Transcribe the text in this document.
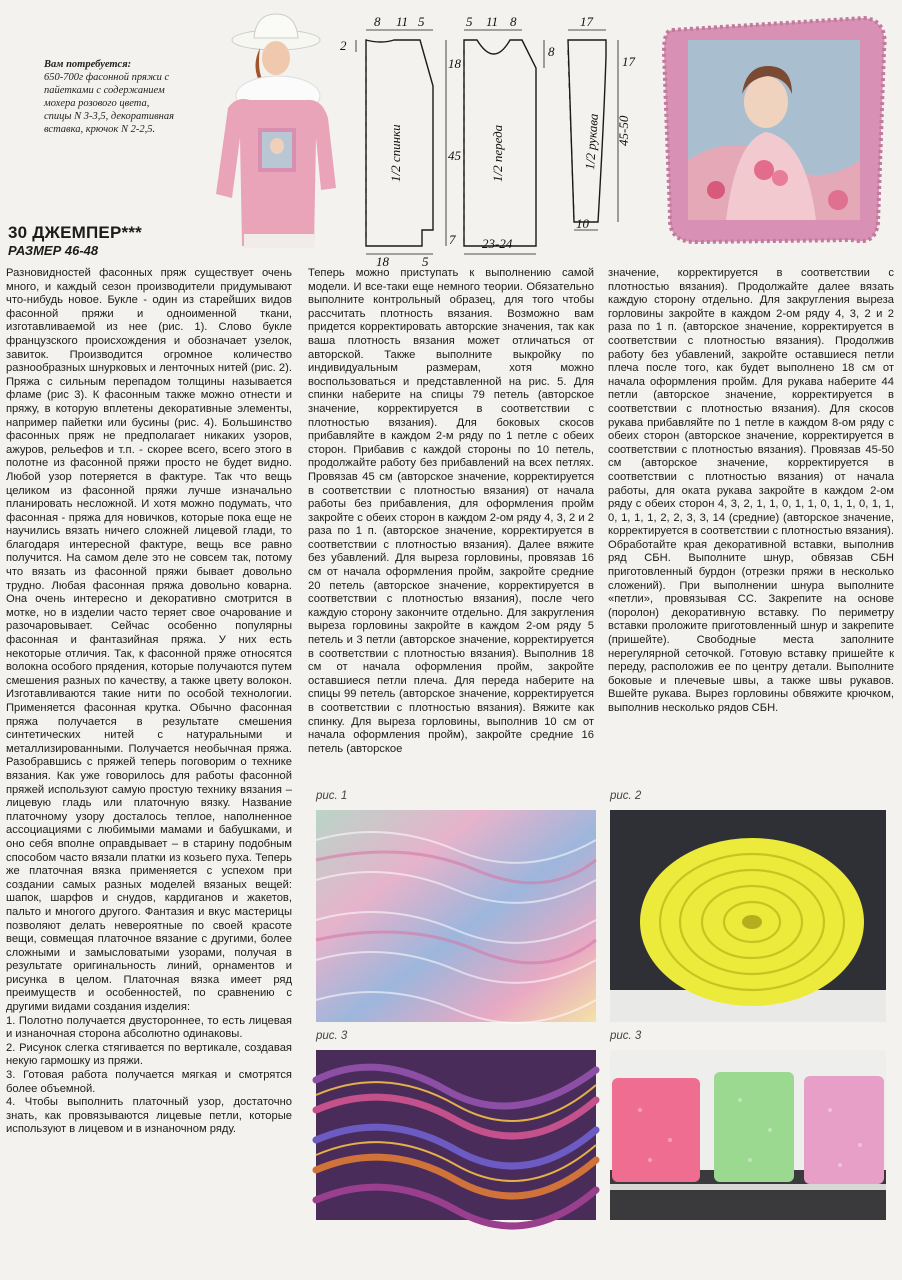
Вам потребуется:
650-700г фасонной пряжи с пайетками с содержанием мохера розового цвета, спицы N 3-3,5, декоративная вставка, крючок N 2-2,5.
30 ДЖЕМПЕР***
РАЗМЕР 46-48
8 11 5
2
18
45
7
18	5
5 11 8
8
23-24
17
17
45-50
10
1/2 спинки	1/2 переда	1/2 рукава

Разновидностей фасонных пряж существует очень много, и каждый сезон производители придумывают что-нибудь новое. Букле - один из старейших видов фасонной пряжи и одноименной ткани, изготавливаемой из нее (рис. 1). Слово букле французского происхождения и обозначает узелок, завиток. Производится огромное количество разнообразных шнурковых и ленточных нитей (рис. 2). Пряжа с сильным перепадом толщины называется фламе (рис 3). К фасонным также можно отнести и пряжу, в которую вплетены декоративные элементы, например пайетки или бусины (рис. 4). Большинство фасонных пряж не предполагает никаких узоров, ажуров, рельефов и т.п. - скорее всего, всего этого в полотне из фасонной пряжи просто не будет видно. Любой узор потеряется в фактуре. Так что вещь целиком из фасонной пряжи лучше изначально планировать несложной. И хотя можно подумать, что фасонная - пряжа для новичков, которые пока еще не научились вязать ничего сложней лицевой глади, то благодаря интересной фактуре, вещь все равно получится. На самом деле это не совсем так, потому что вязать из фасонной пряжи бывает довольно трудно. Любая фасонная пряжа довольно коварна. Она очень интересно и декоративно смотрится в мотке, но в изделии часто теряет свое очарование и разочаровывает. Сейчас особенно популярны фасонная и фантазийная пряжа. У них есть некоторые отличия. Так, к фасонной пряже относятся волокна особого прядения, которые получаются путем смешения разных по качеству, а также цвету волокон. Изготавливаются такие нити по особой технологии. Применяется фасонная крутка. Обычно фасонная пряжа получается в результате смешения синтетических нитей с натуральными и металлизированными. Получается необычная пряжа. Разобравшись с пряжей теперь поговорим о технике вязания. Как уже говорилось для работы фасонной пряжей используют самую простую технику вязания – лицевую гладь или платочную вязку. Название платочному узору досталось теплое, наполненное ассоциациями с любимыми мамами и бабушками, и оно себя вполне оправдывает – в старину подобным способом часто вязали платки из козьего пуха. Теперь же платочная вязка применяется с успехом при создании самых разных моделей вязаных вещей: шапок, шарфов и снудов, кардиганов и жакетов, пальто и многого другого. Фантазия и вкус мастерицы позволяют делать невероятные по своей красоте вещи, совмещая платочное вязание с другими, более сложными и замысловатыми узорами, получая в результате оригинальность линий, орнаментов и рисунка в целом. Платочная вязка имеет ряд преимуществ и особенностей, по сравнению с другими видами создания изделия:

1. Полотно получается двустороннее, то есть лицевая и изнаночная сторона абсолютно одинаковы.

2. Рисунок слегка стягивается по вертикале, создавая некую гармошку из пряжи.

3. Готовая работа получается мягкая и смотрятся более объемной.

4. Чтобы выполнить платочный узор, достаточно знать, как провязываются лицевые петли, которые используют в лицевом и в изнаночном ряду.

Теперь можно приступать к выполнению самой модели. И все-таки еще немного теории. Обязательно выполните контрольный образец, для того чтобы рассчитать плотность вязания. Возможно вам придется корректировать авторские значения, так как ваша плотность вязания может отличаться от авторской. Также выполните выкройку по индивидуальным размерам, хотя можно воспользоваться и представленной на рис. 5. Для спинки наберите на спицы 79 петель (авторское значение, корректируется в соответствии с плотностью вязания). Для боковых скосов прибавляйте в каждом 2-м ряду по 1 петле с обеих сторон. Прибавив с каждой стороны по 10 петель, продолжайте работу без прибавлений на всех петлях. Провязав 45 см (авторское значение, корректируется в соответствии с плотностью вязания) от начала работы без прибавления, для оформления пройм закройте с обеих сторон в каждом 2-ом ряду 4, 3, 2 и 2 раза по 1 п. (авторское значение, корректируется в соответствии с плотностью вязания). Далее вяжите без убавлений. Для выреза горловины, провязав 16 см от начала оформления пройм, закройте средние 20 петель (авторское значение, корректируется в соответствии с плотностью вязания), после чего каждую сторону закончите отдельно. Для закругления выреза горловины закройте в каждом 2-ом ряду 5 петель и 3 петли (авторское значение, корректируется в соответствии с плотностью вязания). Выполнив 18 см от начала оформления пройм, закройте оставшиеся петли плеча. Для переда наберите на спицы 99 петель (авторское значение, корректируется в соответствии с плотностью вязания). Вяжите как спинку. Для выреза горловины, выполнив 10 см от начала оформления пройм), закройте средние 16 петель (авторское

значение, корректируется в соответствии с плотностью вязания). Продолжайте далее вязать каждую сторону отдельно. Для закругления выреза горловины закройте в каждом 2-ом ряду 4, 3, 2 и 2 раза по 1 п. (авторское значение, корректируется в соответствии с плотностью вязания). Продолжив работу без убавлений, закройте оставшиеся петли плеча после того, как будет выполнено 18 см от начала оформления пройм. Для рукава наберите 44 петли (авторское значение, корректируется в соответствии с плотностью вязания). Для скосов рукава прибавляйте по 1 петле в каждом 8-ом ряду с обеих сторон (авторское значение, корректируется в соответствии с плотностью вязания). Провязав 45-50 см (авторское значение, корректируется в соответствии с плотностью вязания) от начала работы, для оката рукава закройте в каждом 2-ом ряду с обеих сторон 4, 3, 2, 1, 1, 0, 1, 1, 0, 1, 1, 0, 1, 1, 0, 1, 1, 1, 2, 2, 3, 3, 14 (средние) (авторское значение, корректируется в соответствии с плотностью вязания). Обработайте края декоративной вставки, выполнив ряд СБН. Выполните шнур, обвязав СБН приготовленный бурдон (отрезки пряжи в несколько сложений). При выполнении шнура выполните «петли», провязывая СС. Закрепите на основе (поролон) декоративную вставку. По периметру вставки проложите приготовленный шнур и закрепите (пришейте). Свободные места заполните нерегулярной сеточкой. Готовую вставку пришейте к переду, расположив ее по центру детали. Выполните боковые и плечевые швы, а также швы рукавов. Вшейте рукава. Вырез горловины обвяжите крючком, выполнив несколько рядов СБН.

рис. 1	рис. 2
рис. 3	рис. 3
